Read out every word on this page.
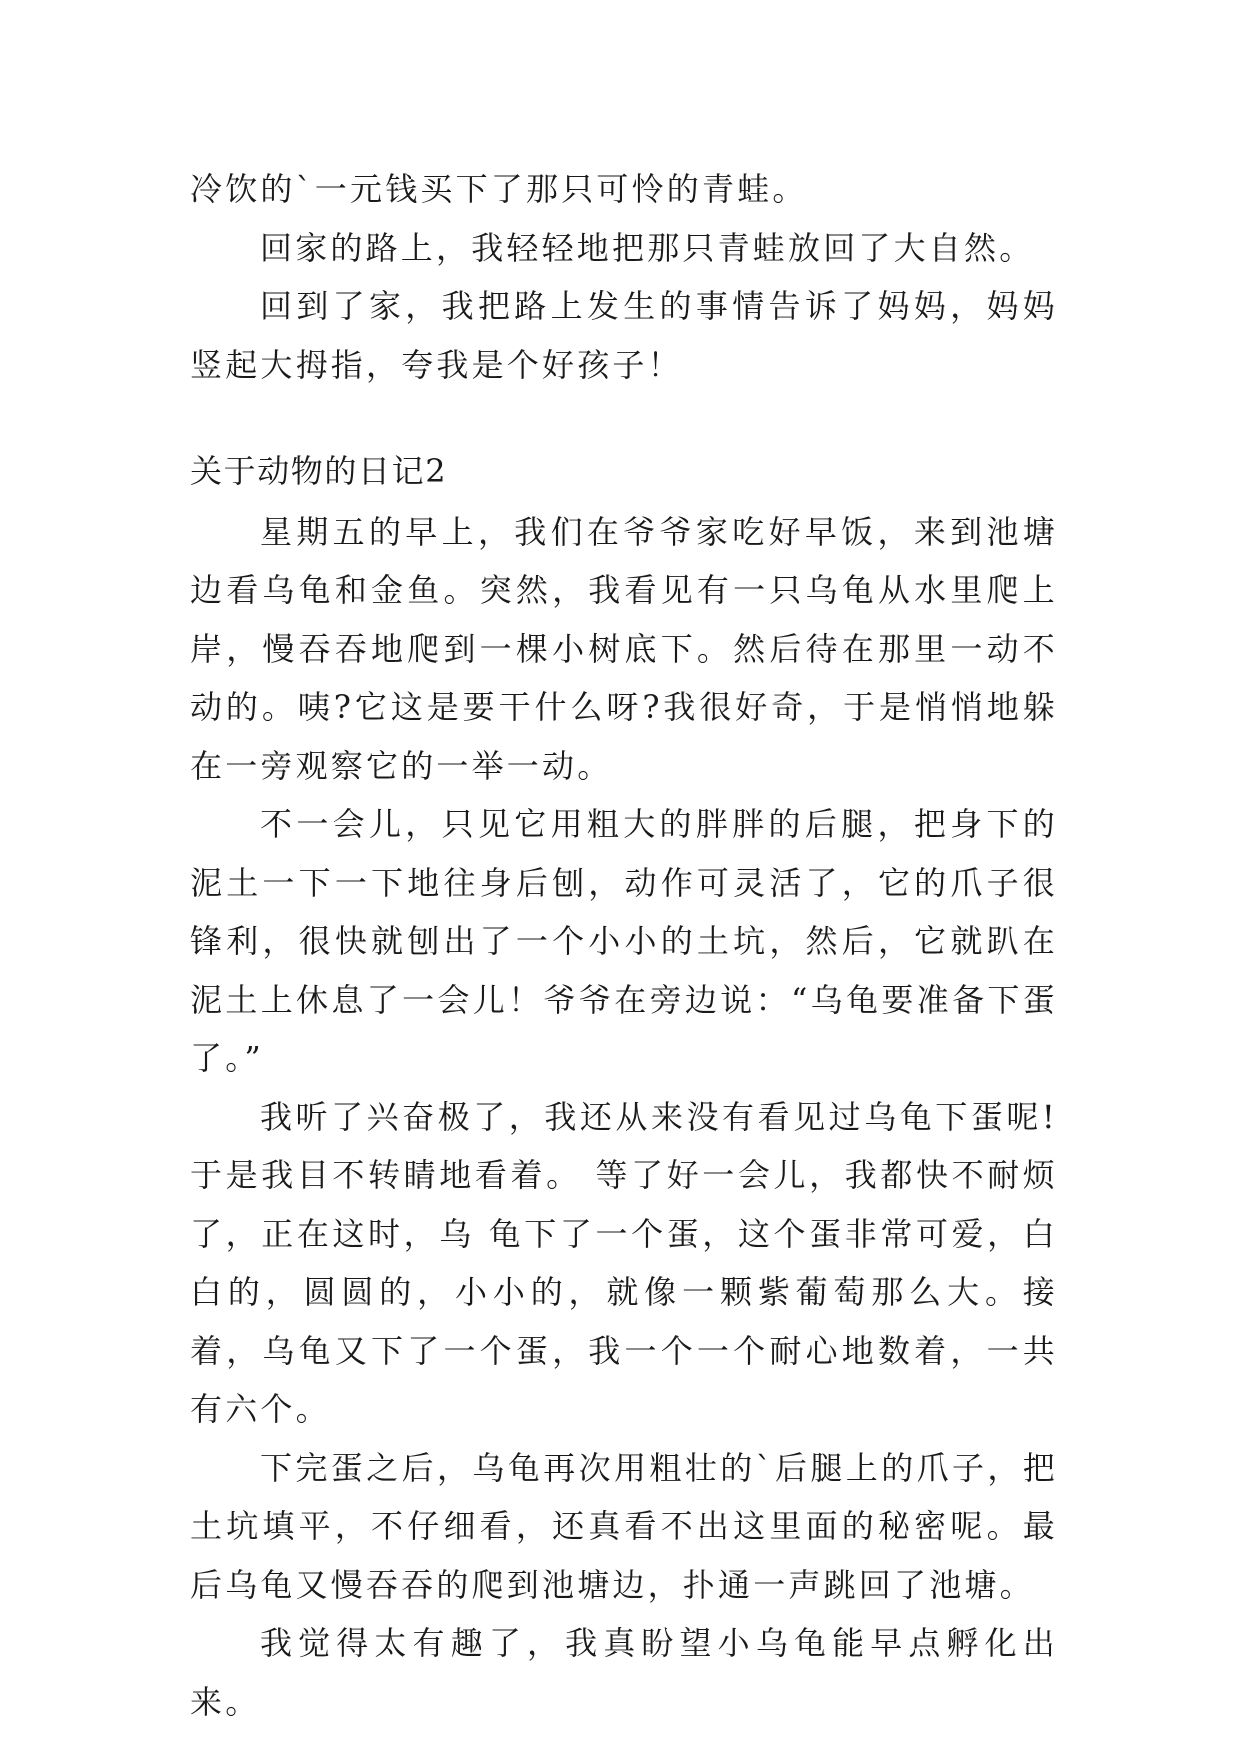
冷饮的`一元钱买下了那只可怜的青蛙。

回家的路上，我轻轻地把那只青蛙放回了大自然。

回到了家，我把路上发生的事情告诉了妈妈，妈妈竖起大拇指，夸我是个好孩子！

关于动物的日记2

星期五的早上，我们在爷爷家吃好早饭，来到池塘边看乌龟和金鱼。突然，我看见有一只乌龟从水里爬上岸，慢吞吞地爬到一棵小树底下。然后待在那里一动不动的。咦?它这是要干什么呀?我很好奇，于是悄悄地躲在一旁观察它的一举一动。

不一会儿，只见它用粗大的胖胖的后腿，把身下的泥土一下一下地往身后刨，动作可灵活了，它的爪子很锋利，很快就刨出了一个小小的土坑，然后，它就趴在泥土上休息了一会儿！爷爷在旁边说：“乌龟要准备下蛋了。”

我听了兴奋极了，我还从来没有看见过乌龟下蛋呢!于是我目不转睛地看着。 等了好一会儿，我都快不耐烦了，正在这时，乌 龟下了一个蛋，这个蛋非常可爱，白白的，圆圆的，小小的，就像一颗紫葡萄那么大。接着，乌龟又下了一个蛋，我一个一个耐心地数着，一共有六个。

下完蛋之后，乌龟再次用粗壮的`后腿上的爪子，把土坑填平，不仔细看，还真看不出这里面的秘密呢。最后乌龟又慢吞吞的爬到池塘边，扑通一声跳回了池塘。

我觉得太有趣了，我真盼望小乌龟能早点孵化出来。
